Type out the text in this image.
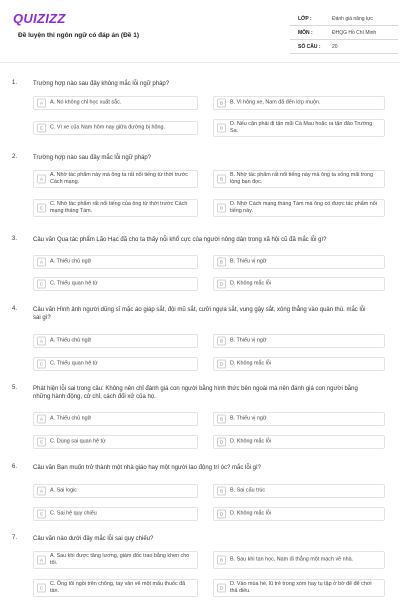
QUIZIZZ
Đề luyện thi ngôn ngữ có đáp án (Đề 1)
LỚP :	Đánh giá năng lực
MÔN :	ĐHQG Hồ Chí Minh
SỐ CÂU : 20
1.	Trường hợp nào sau đây không mắc lỗi ngữ pháp?
A	A. Nó không chỉ học xuất sắc.	B	B. Vì hỏng xe, Nam đã đến lớp muộn.
C	C. Vì xe của Nam hôm nay giữa đường bị hỏng.	D
D. Nếu cận phải đi tận mũi Cà Mau hoặc ra tận đảo Trường Sa.
2.	Trường hợp nào sau đây mắc lỗi ngữ pháp?
A
A. Nhờ tác phẩm này mà ông ta rất nổi tiếng từ thời trước Cách mạng.	B
B. Nhờ tác phẩm rất nổi tiếng này mà ông ta sống mãi trong lòng bạn đọc.
C
C. Nhờ tác phẩm rất nổi tiếng của ông từ thời trước Cách mạng tháng Tám.	D
D. Nhờ Cách mạng tháng Tám mà ông có được tác phẩm nổi tiếng này.
3.	Câu văn Qua tác phẩm Lão Hạc đã cho ta thấy nỗi khổ cực của người nông dân trong xã hội cũ đã mắc lỗi gì?
A	A. Thiếu chủ ngữ	B	B. Thiếu vị ngữ
C	C. Thiếu quan hệ từ	D	D. Không mắc lỗi
4.	Câu văn Hình ảnh người dũng sĩ mặc áo giáp sắt, đội mũ sắt, cưỡi ngựa sắt, vung gậy sắt, xông thẳng vào quân thù. mắc lỗi sai gì?
A	A. Thiếu chủ ngữ	B	B. Thiếu vị ngữ
C	C. Thiếu quan hệ từ	D	D. Không mắc lỗi
5.	Phát hiện lỗi sai trong câu: Không nên chỉ đánh giá con người bằng hình thức bên ngoài mà nên đánh giá con người bằng những hành động, cử chỉ, cách đối xử của họ.
A	A. Thiếu chủ ngữ	B	B. Thiếu vị ngữ
C	C. Dùng sai quan hệ từ	D	D. Không mắc lỗi
6.	Câu văn Bạn muốn trở thành một nhà giáo hay một người lao động trí óc? mắc lỗi gì?
A	A. Sai logic	B	B. Sai cấu trúc
C	C. Sai hệ quy chiếu	D	D. Không mắc lỗi
7.	Câu văn nào dưới đây mắc lỗi sai quy chiếu?
A
A. Sau khi được tăng lương, giám đốc trao bằng khen cho tôi.	B	B. Sau khi tan học, Nam đi thẳng một mạch về nhà.
C
C. Ông tôi ngồi trên chõng, tay vân vê một mẩu thuốc đã tàn.	D
D. Vào mùa hè, lũ trẻ trong xóm hay tụ tập ở bờ đê để chơi thả diều.
